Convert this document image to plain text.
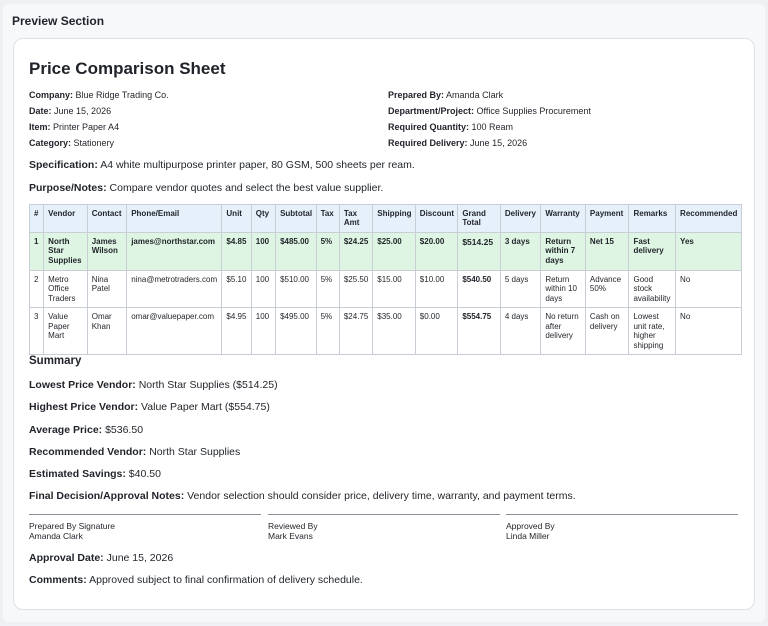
Preview Section
Price Comparison Sheet
Company: Blue Ridge Trading Co.
Date: June 15, 2026
Item: Printer Paper A4
Category: Stationery
Prepared By: Amanda Clark
Department/Project: Office Supplies Procurement
Required Quantity: 100 Ream
Required Delivery: June 15, 2026
Specification: A4 white multipurpose printer paper, 80 GSM, 500 sheets per ream.
Purpose/Notes: Compare vendor quotes and select the best value supplier.
#	Vendor	Contact	Phone/Email	Unit	Qty	Subtotal	Tax	Tax Amt	Shipping	Discount	Grand Total	Delivery	Warranty	Payment	Remarks	Recommended
1	North Star Supplies	James Wilson	james@northstar.com	$4.85	100	$485.00	5%	$24.25	$25.00	$20.00	$514.25	3 days	Return within 7 days	Net 15	Fast delivery	Yes
2	Metro Office Traders	Nina Patel	nina@metrotraders.com	$5.10	100	$510.00	5%	$25.50	$15.00	$10.00	$540.50	5 days	Return within 10 days	Advance 50%	Good stock availability	No
3	Value Paper Mart	Omar Khan	omar@valuepaper.com	$4.95	100	$495.00	5%	$24.75	$35.00	$0.00	$554.75	4 days	No return after delivery	Cash on delivery	Lowest unit rate, higher shipping	No
Summary
Lowest Price Vendor: North Star Supplies ($514.25)
Highest Price Vendor: Value Paper Mart ($554.75)
Average Price: $536.50
Recommended Vendor: North Star Supplies
Estimated Savings: $40.50
Final Decision/Approval Notes: Vendor selection should consider price, delivery time, warranty, and payment terms.
Prepared By Signature
Amanda Clark
Reviewed By
Mark Evans
Approved By
Linda Miller
Approval Date: June 15, 2026
Comments: Approved subject to final confirmation of delivery schedule.
